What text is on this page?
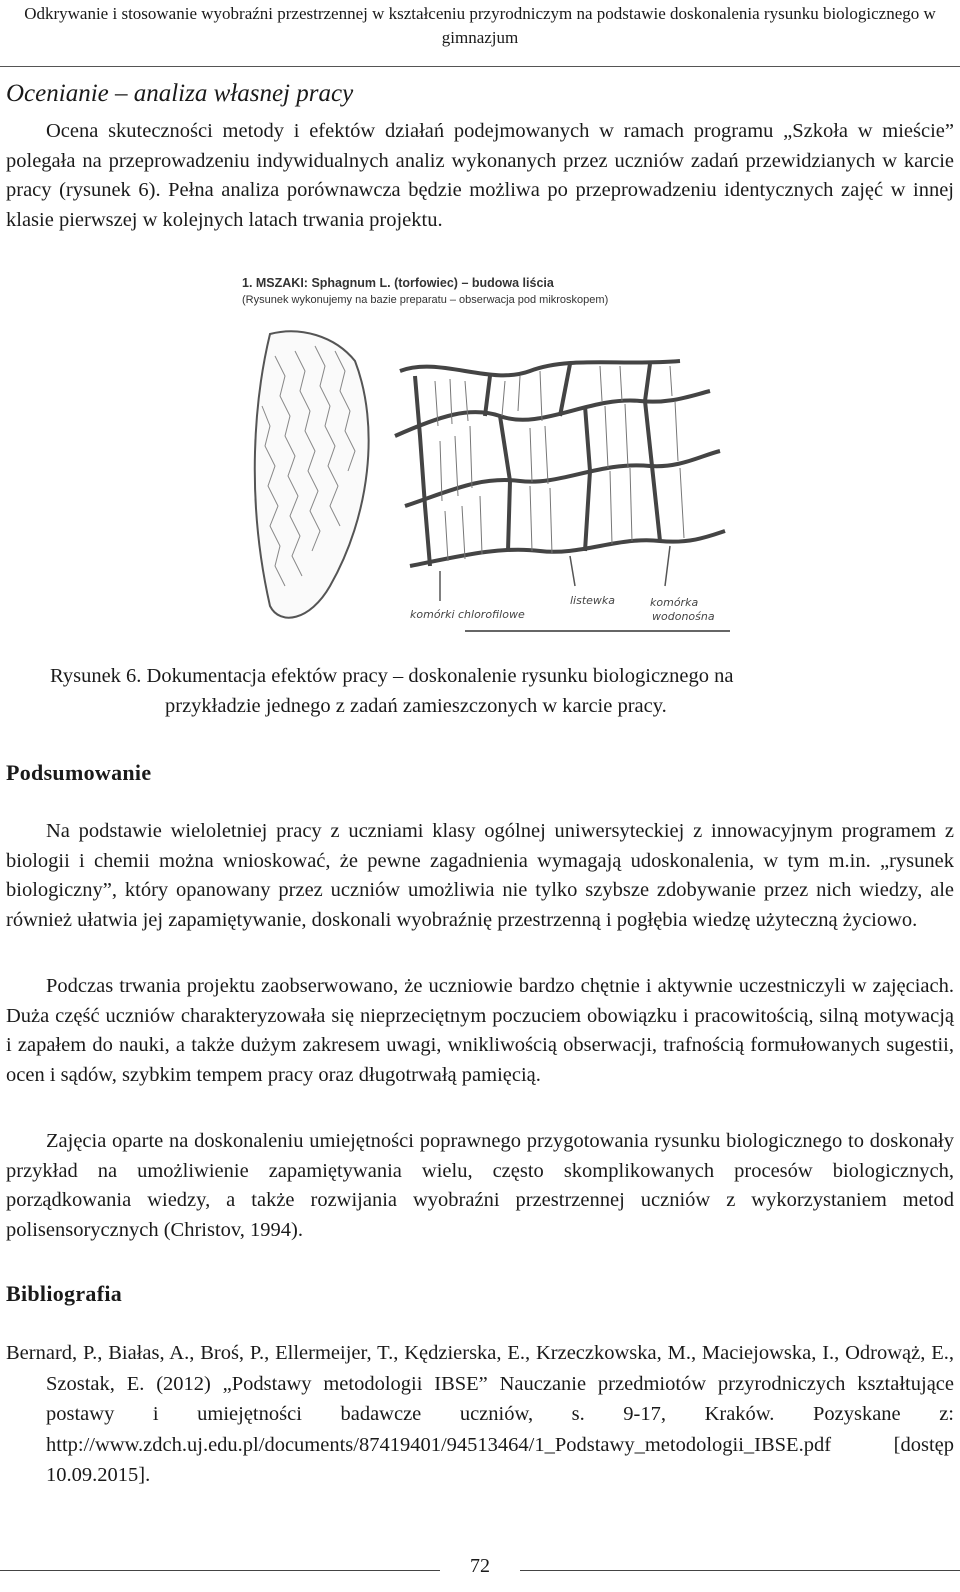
Odkrywanie i stosowanie wyobraźni przestrzennej w kształceniu przyrodniczym na podstawie doskonalenia rysunku biologicznego w gimnazjum
Ocenianie – analiza własnej pracy

Ocena skuteczności metody i efektów działań podejmowanych w ramach programu „Szkoła w mieście” polegała na przeprowadzeniu indywidualnych analiz wykonanych przez uczniów zadań przewidzianych w karcie pracy (rysunek 6). Pełna analiza porównawcza będzie możliwa po przeprowadzeniu identycznych zajęć w innej klasie pierwszej w kolejnych latach trwania projektu.

komórki chlorofilowe
listewka	komórka
wodonośna
1. MSZAKI: Sphagnum L. (torfowiec) – budowa liścia
(Rysunek wykonujemy na bazie preparatu – obserwacja pod mikroskopem)
Rysunek 6. Dokumentacja efektów pracy – doskonalenie rysunku biologicznego na
przykładzie jednego z zadań zamieszczonych w karcie pracy.
Podsumowanie

Na podstawie wieloletniej pracy z uczniami klasy ogólnej uniwersyteckiej z innowacyjnym programem z biologii i chemii można wnioskować, że pewne zagadnienia wymagają udoskonalenia, w tym m.in. „rysunek biologiczny”, który opanowany przez uczniów umożliwia nie tylko szybsze zdobywanie przez nich wiedzy, ale również ułatwia jej zapamiętywanie, doskonali wyobraźnię przestrzenną i pogłębia wiedzę użyteczną życiowo.

Podczas trwania projektu zaobserwowano, że uczniowie bardzo chętnie i aktywnie uczestniczyli w zajęciach. Duża część uczniów charakteryzowała się nieprzeciętnym poczuciem obowiązku i pracowitością, silną motywacją i zapałem do nauki, a także dużym zakresem uwagi, wnikliwością obserwacji, trafnością formułowanych sugestii, ocen i sądów, szybkim tempem pracy oraz długotrwałą pamięcią.

Zajęcia oparte na doskonaleniu umiejętności poprawnego przygotowania rysunku biologicznego to doskonały przykład na umożliwienie zapamiętywania wielu, często skomplikowanych procesów biologicznych, porządkowania wiedzy, a także rozwijania wyobraźni przestrzennej uczniów z wykorzystaniem metod polisensorycznych (Christov, 1994).

Bibliografia
Bernard, P., Białas, A., Broś, P., Ellermeijer, T., Kędzierska, E., Krzeczkowska, M., Maciejowska, I., Odrowąż, E., Szostak, E. (2012) „Podstawy metodologii IBSE” Nauczanie przedmiotów przyrodniczych kształtujące postawy i umiejętności badawcze uczniów, s. 9-17, Kraków. Pozyskane z: http://www.zdch.uj.edu.pl/documents/87419401/94513464/1_Podstawy_metodologii_IBSE.pdf [dostęp 10.09.2015].
72
